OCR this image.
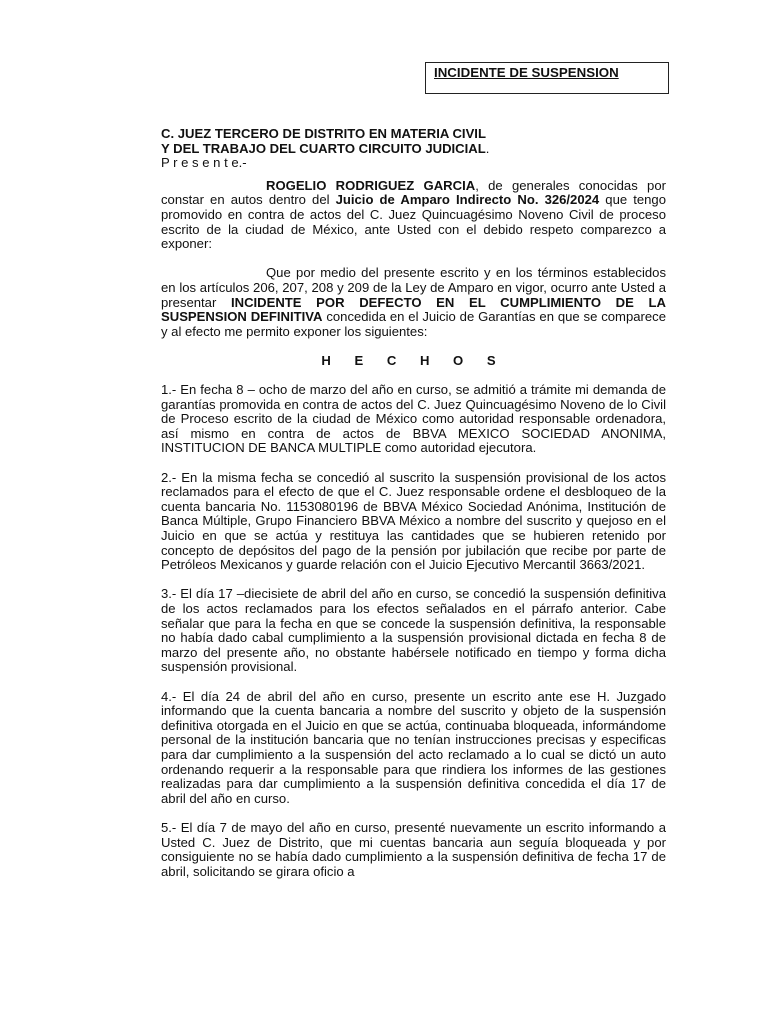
INCIDENTE DE SUSPENSION

C. JUEZ TERCERO DE DISTRITO EN MATERIA CIVIL

Y DEL TRABAJO DEL CUARTO CIRCUITO JUDICIAL.

P r e s e n t e.-

ROGELIO RODRIGUEZ GARCIA, de generales conocidas por constar en autos dentro del Juicio de Amparo Indirecto No. 326/2024 que tengo promovido en contra de actos del C. Juez Quincuagésimo Noveno Civil de proceso escrito de la ciudad de México, ante Usted con el debido respeto comparezco a exponer:

Que por medio del presente escrito y en los términos establecidos en los artículos 206, 207, 208 y 209 de la Ley de Amparo en vigor, ocurro ante Usted a presentar INCIDENTE POR DEFECTO EN EL CUMPLIMIENTO DE LA SUSPENSION DEFINITIVA concedida en el Juicio de Garantías en que se comparece y al efecto me permito exponer los siguientes:

H E C H O S

1.- En fecha 8 – ocho de marzo del año en curso, se admitió a trámite mi demanda de garantías promovida en contra de actos del C. Juez Quincuagésimo Noveno de lo Civil de Proceso escrito de la ciudad de México como autoridad responsable ordenadora, así mismo en contra de actos de BBVA MEXICO SOCIEDAD ANONIMA, INSTITUCION DE BANCA MULTIPLE como autoridad ejecutora.

2.- En la misma fecha se concedió al suscrito la suspensión provisional de los actos reclamados para el efecto de que el C. Juez responsable ordene el desbloqueo de la cuenta bancaria No. 1153080196 de BBVA México Sociedad Anónima, Institución de Banca Múltiple, Grupo Financiero BBVA México a nombre del suscrito y quejoso en el Juicio en que se actúa y restituya las cantidades que se hubieren retenido por concepto de depósitos del pago de la pensión por jubilación que recibe por parte de Petróleos Mexicanos y guarde relación con el Juicio Ejecutivo Mercantil 3663/2021.

3.- El día 17 –diecisiete de abril del año en curso, se concedió la suspensión definitiva de los actos reclamados para los efectos señalados en el párrafo anterior. Cabe señalar que para la fecha en que se concede la suspensión definitiva, la responsable no había dado cabal cumplimiento a la suspensión provisional dictada en fecha 8 de marzo del presente año, no obstante habérsele notificado en tiempo y forma dicha suspensión provisional.

4.- El día 24 de abril del año en curso, presente un escrito ante ese H. Juzgado informando que la cuenta bancaria a nombre del suscrito y objeto de la suspensión definitiva otorgada en el Juicio en que se actúa, continuaba bloqueada, informándome personal de la institución bancaria que no tenían instrucciones precisas y especificas para dar cumplimiento a la suspensión del acto reclamado a lo cual se dictó un auto ordenando requerir a la responsable para que rindiera los informes de las gestiones realizadas para dar cumplimiento a la suspensión definitiva concedida el día 17 de abril del año en curso.

5.- El día 7 de mayo del año en curso, presenté nuevamente un escrito informando a Usted C. Juez de Distrito, que mi cuentas bancaria aun seguía bloqueada y por consiguiente no se había dado cumplimiento a la suspensión definitiva de fecha 17 de abril, solicitando se girara oficio a
